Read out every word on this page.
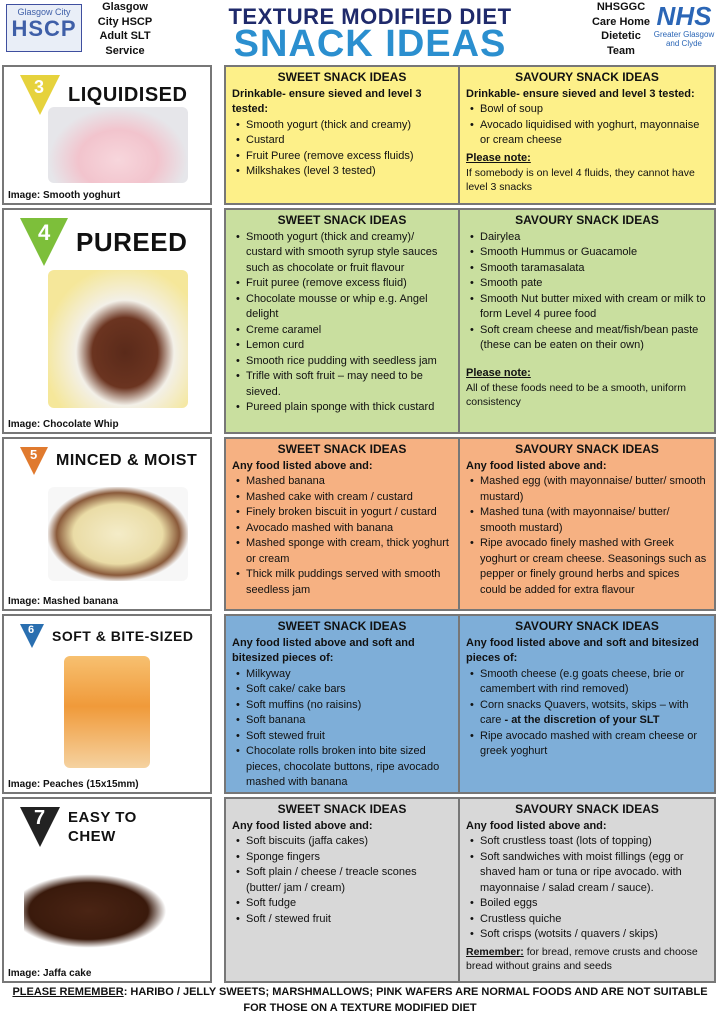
Glasgow City
HSCP
Glasgow
City HSCP
Adult SLT
Service
TEXTURE MODIFIED DIET
SNACK IDEAS
NHSGGC
Care Home
Dietetic
Team
NHS
Greater Glasgow and Clyde
3 LIQUIDISED
Image: Smooth yoghurt
SWEET SNACK IDEAS
Drinkable- ensure sieved and level 3 tested:
• Smooth yogurt (thick and creamy)
• Custard
• Fruit Puree (remove excess fluids)
• Milkshakes (level 3 tested)
SAVOURY SNACK IDEAS
Drinkable- ensure sieved and level 3 tested:
• Bowl of soup
• Avocado liquidised with yoghurt, mayonnaise or cream cheese
Please note:
If somebody is on level 4 fluids, they cannot have level 3 snacks
4 PUREED
Image: Chocolate Whip
SWEET SNACK IDEAS
• Smooth yogurt (thick and creamy)/ custard with smooth syrup style sauces such as chocolate or fruit flavour
• Fruit puree (remove excess fluid)
• Chocolate mousse or whip e.g. Angel delight
• Creme caramel
• Lemon curd
• Smooth rice pudding with seedless jam
• Trifle with soft fruit – may need to be sieved.
• Pureed plain sponge with thick custard
SAVOURY SNACK IDEAS
• Dairylea
• Smooth Hummus or Guacamole
• Smooth taramasalata
• Smooth pate
• Smooth Nut butter mixed with cream or milk to form Level 4 puree food
• Soft cream cheese and meat/fish/bean paste (these can be eaten on their own)
Please note:
All of these foods need to be a smooth, uniform consistency
5 MINCED & MOIST
Image: Mashed banana
SWEET SNACK IDEAS
Any food listed above and:
• Mashed banana
• Mashed cake with cream / custard
• Finely broken biscuit in yogurt / custard
• Avocado mashed with banana
• Mashed sponge with cream, thick yoghurt or cream
• Thick milk puddings served with smooth seedless jam
SAVOURY SNACK IDEAS
Any food listed above and:
• Mashed egg (with mayonnaise/ butter/ smooth mustard)
• Mashed tuna (with mayonnaise/ butter/ smooth mustard)
• Ripe avocado finely mashed with Greek yoghurt or cream cheese. Seasonings such as pepper or finely ground herbs and spices could be added for extra flavour
6 SOFT & BITE-SIZED
Image: Peaches (15x15mm)
SWEET SNACK IDEAS
Any food listed above and soft and bitesized pieces of:
• Milkyway
• Soft cake/ cake bars
• Soft muffins (no raisins)
• Soft banana
• Soft stewed fruit
• Chocolate rolls broken into bite sized pieces, chocolate buttons, ripe avocado mashed with banana
SAVOURY SNACK IDEAS
Any food listed above and soft and bitesized pieces of:
• Smooth cheese (e.g goats cheese, brie or camembert with rind removed)
• Corn snacks Quavers, wotsits, skips – with care - at the discretion of your SLT
• Ripe avocado mashed with cream cheese or greek yoghurt
7 EASY TO CHEW
Image: Jaffa cake
SWEET SNACK IDEAS
Any food listed above and:
• Soft biscuits (jaffa cakes)
• Sponge fingers
• Soft plain / cheese / treacle scones (butter/ jam / cream)
• Soft fudge
• Soft / stewed fruit
SAVOURY SNACK IDEAS
Any food listed above and:
• Soft crustless toast (lots of topping)
• Soft sandwiches with moist fillings (egg or shaved ham or tuna or ripe avocado. with mayonnaise / salad cream / sauce).
• Boiled eggs
• Crustless quiche
• Soft crisps (wotsits / quavers / skips)
Remember: for bread, remove crusts and choose bread without grains and seeds
PLEASE REMEMBER: HARIBO / JELLY SWEETS; MARSHMALLOWS; PINK WAFERS ARE NORMAL FOODS AND ARE NOT SUITABLE FOR THOSE ON A TEXTURE MODIFIED DIET
